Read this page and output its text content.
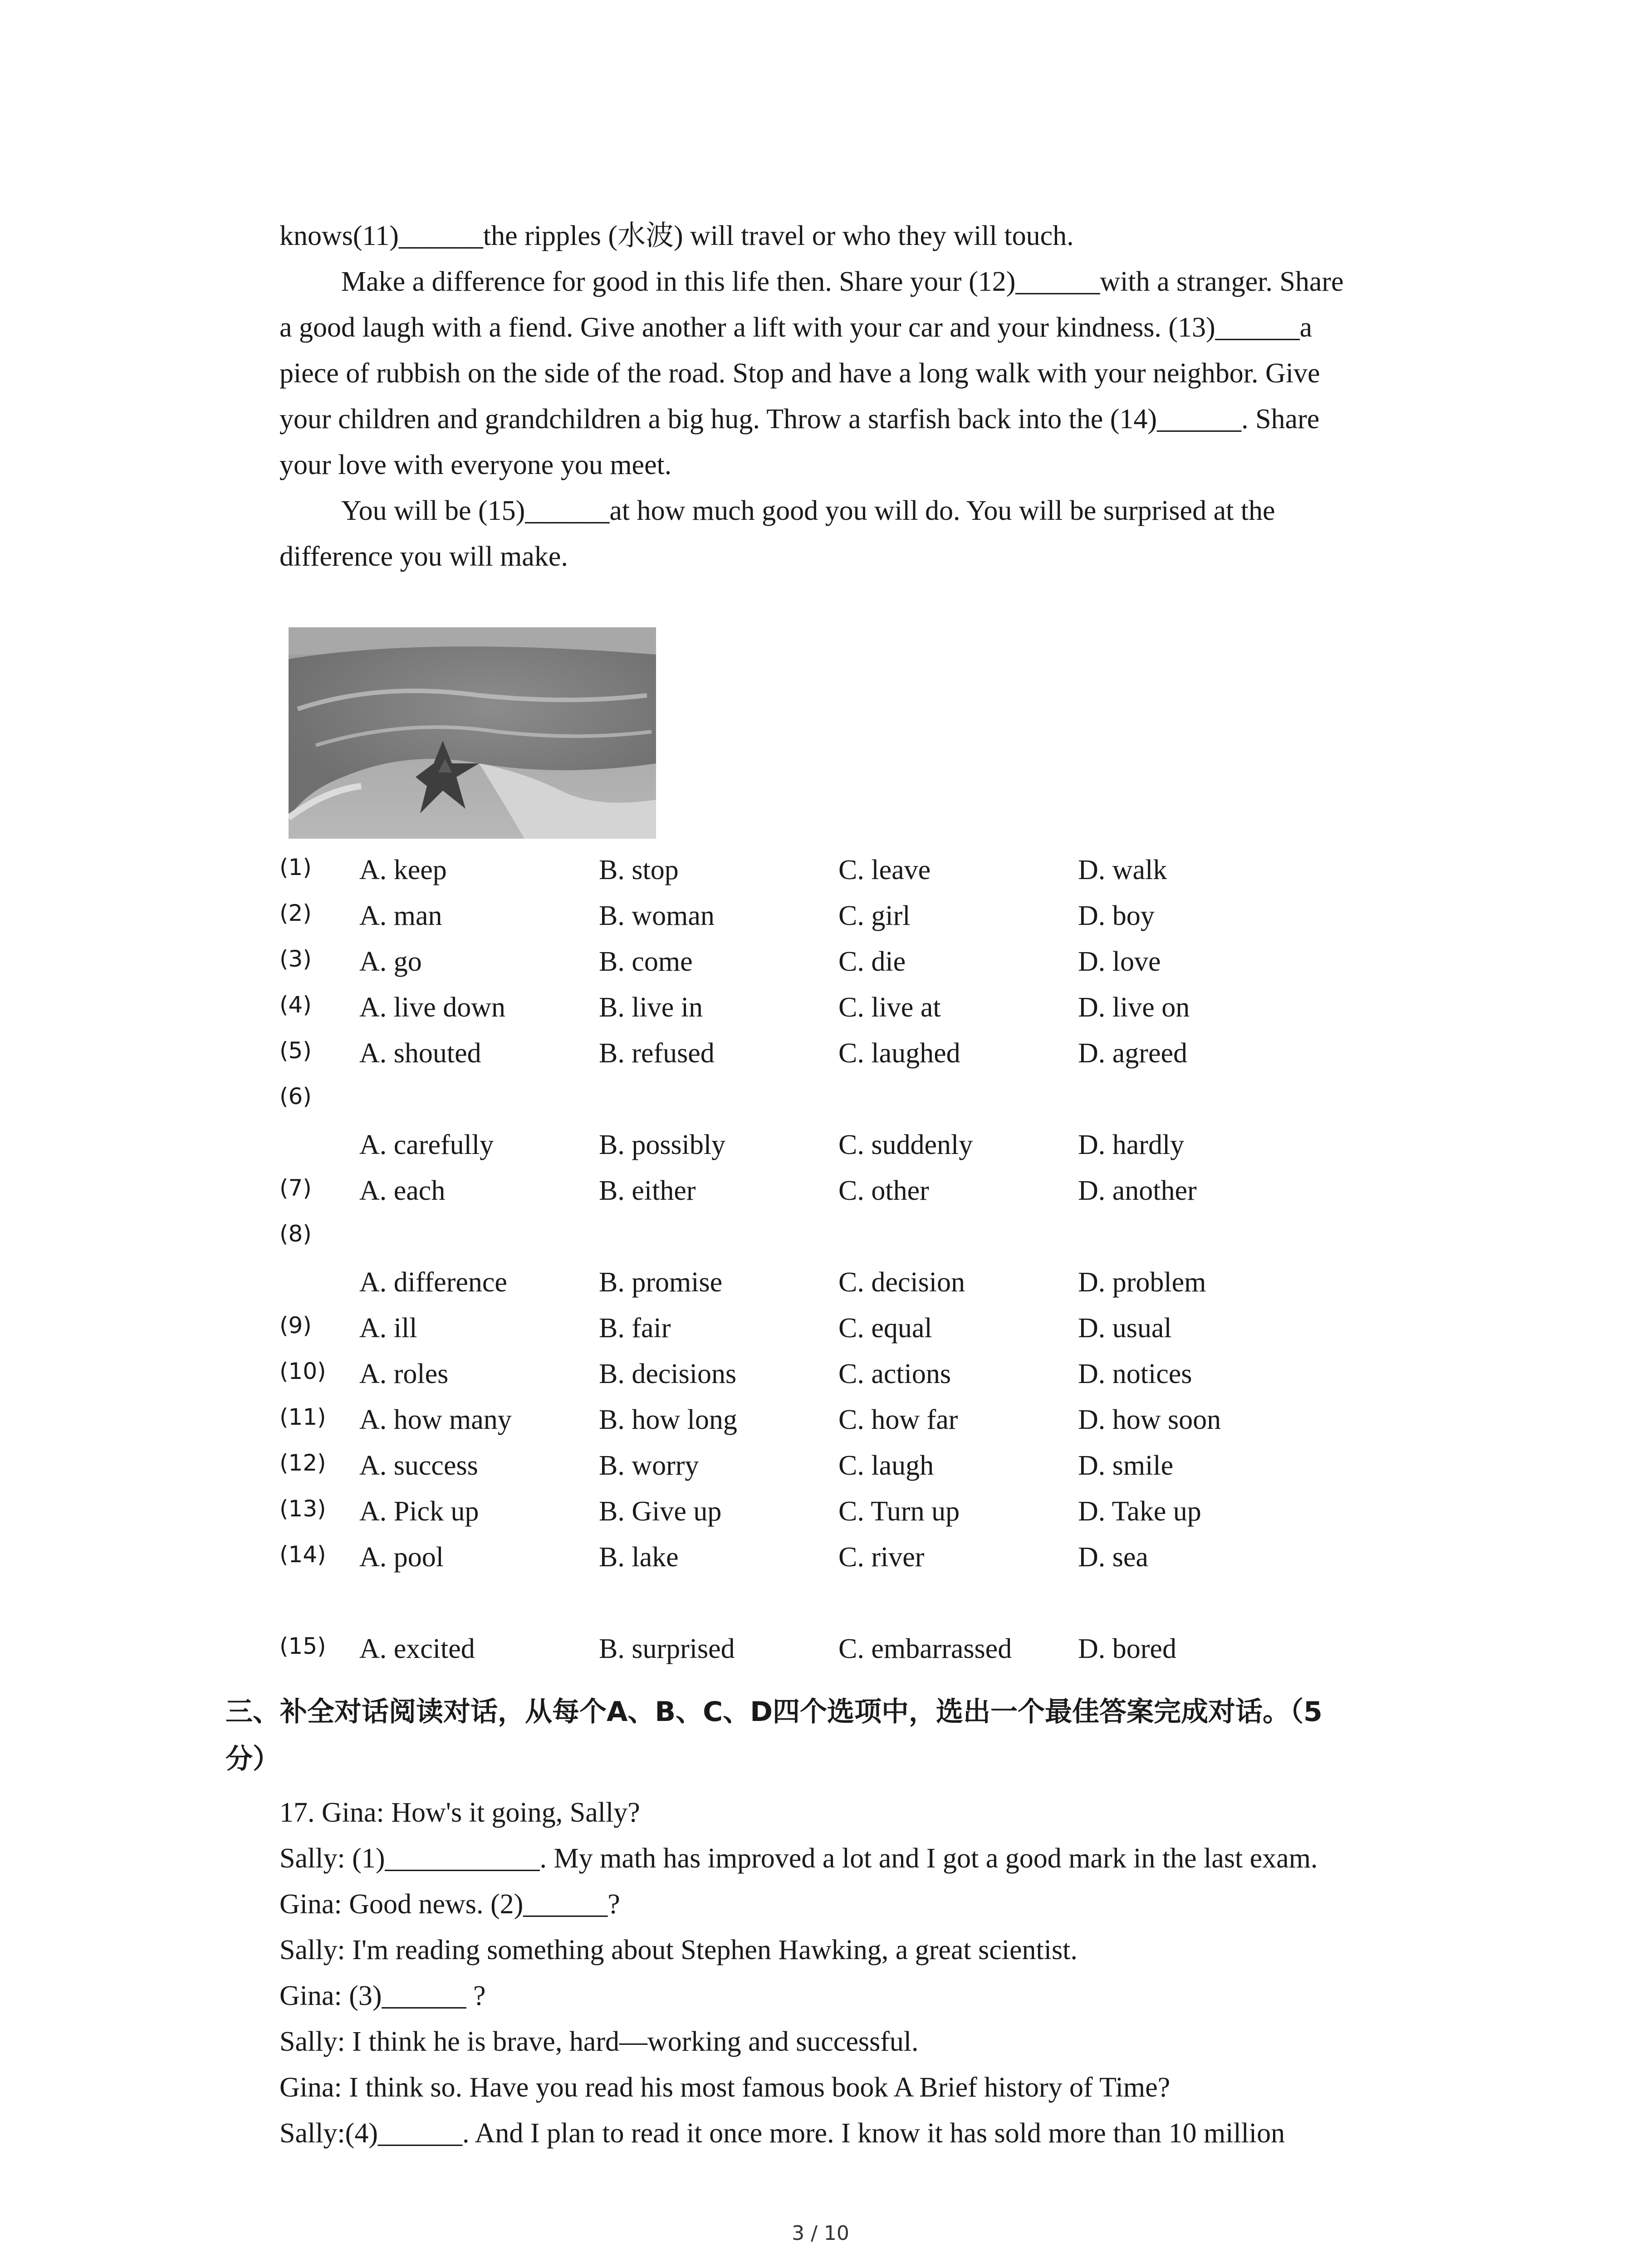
knows(11)______the ripples (水波) will travel or who they will touch.
Make a difference for good in this life then. Share your (12)______with a stranger. Share
a good laugh with a fiend. Give another a lift with your car and your kindness. (13)______a
piece of rubbish on the side of the road. Stop and have a long walk with your neighbor. Give
your children and grandchildren a big hug. Throw a starfish back into the (14)______. Share
your love with everyone you meet.
You will be (15)______at how much good you will do. You will be surprised at the
difference you will make.
(1) A. keep	B. stop	C. leave	D. walk
(2) A. man	B. woman	C. girl	D. boy
(3) A. go	B. come	C. die	D. love
(4) A. live down	B. live in	C. live at	D. live on
(5) A. shouted	B. refused	C. laughed	D. agreed
(6)
A. carefully	B. possibly	C. suddenly	D. hardly
(7) A. each	B. either	C. other	D. another
(8)
A. difference	B. promise	C. decision	D. problem
(9) A. ill	B. fair	C. equal	D. usual
(10) A. roles	B. decisions	C. actions	D. notices
(11) A. how many	B. how long	C. how far	D. how soon
(12) A. success	B. worry	C. laugh	D. smile
(13) A. Pick up	B. Give up	C. Turn up	D. Take up
(14) A. pool	B. lake	C. river	D. sea
(15) A. excited	B. surprised	C. embarrassed D. bored
三、补全对话阅读对话，从每个A、B、C、D四个选项中，选出一个最佳答案完成对话。（5
分）
17. Gina: How's it going, Sally?
Sally: (1)___________. My math has improved a lot and I got a good mark in the last exam.
Gina: Good news. (2)______?
Sally: I'm reading something about Stephen Hawking, a great scientist.
Gina: (3)______ ?
Sally: I think he is brave, hard—working and successful.
Gina: I think so. Have you read his most famous book A Brief history of Time?
Sally:(4)______. And I plan to read it once more. I know it has sold more than 10 million
3 / 10
